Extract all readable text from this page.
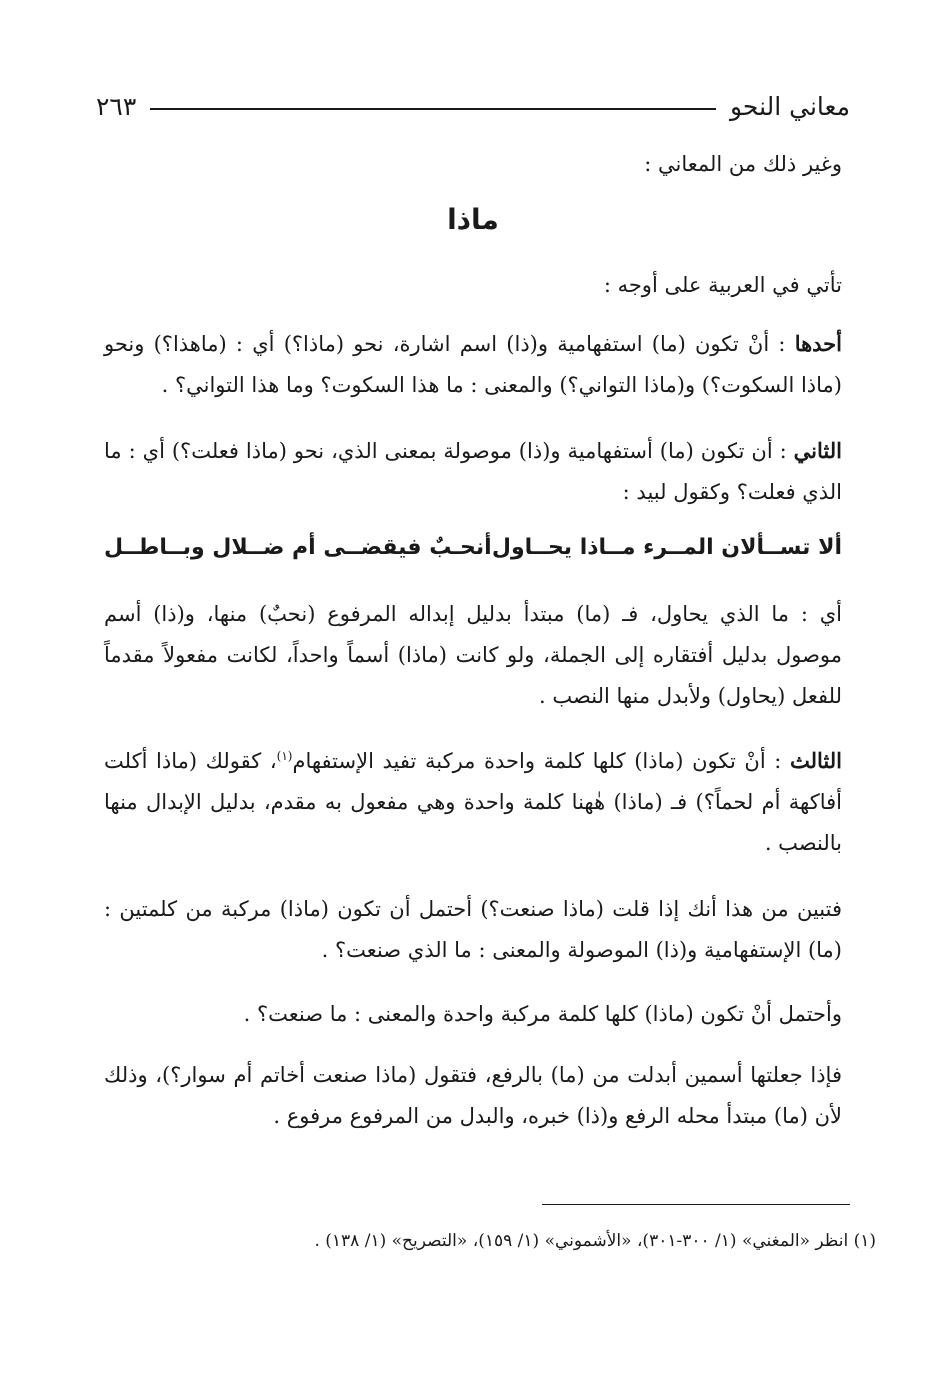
معاني النحو
٢٦٣

وغير ذلك من المعاني :

ماذا

تأتي في العربية على أوجه :

أحدها : أنْ تكون (ما) استفهامية و(ذا) اسم اشارة، نحو (ماذا؟) أي : (ماهذا؟) ونحو (ماذا السكوت؟) و(ماذا التواني؟) والمعنى : ما هذا السكوت؟ وما هذا التواني؟ .

الثاني : أن تكون (ما) أستفهامية و(ذا) موصولة بمعنى الذي، نحو (ماذا فعلت؟) أي : ما الذي فعلت؟ وكقول لبيد :

ألا تســألان المــرء مــاذا يحــاول
أنحـبٌ فيقضــى أم ضــلال وبــاطــل

أي : ما الذي يحاول، فـ (ما) مبتدأ بدليل إبداله المرفوع (نحبٌ) منها، و(ذا) أسم موصول بدليل أفتقاره إلى الجملة، ولو كانت (ماذا) أسماً واحداً، لكانت مفعولاً مقدماً للفعل (يحاول) ولأبدل منها النصب .

الثالث : أنْ تكون (ماذا) كلها كلمة واحدة مركبة تفيد الإستفهام$^{(١)}$، كقولك (ماذا أكلت أفاكهة أم لحماً؟) فـ (ماذا) هٰهنا كلمة واحدة وهي مفعول به مقدم، بدليل الإبدال منها بالنصب .

فتبين من هذا أنك إذا قلت (ماذا صنعت؟) أحتمل أن تكون (ماذا) مركبة من كلمتين : (ما) الإستفهامية و(ذا) الموصولة والمعنى : ما الذي صنعت؟ .

وأحتمل أنْ تكون (ماذا) كلها كلمة مركبة واحدة والمعنى : ما صنعت؟ .

فإذا جعلتها أسمين أبدلت من (ما) بالرفع، فتقول (ماذا صنعت أخاتم أم سوار؟)، وذلك لأن (ما) مبتدأ محله الرفع و(ذا) خبره، والبدل من المرفوع مرفوع .

(١) انظر «المغني» (١/ ٣٠٠-٣٠١)، «الأشموني» (١/ ١٥٩)، «التصريح» (١/ ١٣٨) .
